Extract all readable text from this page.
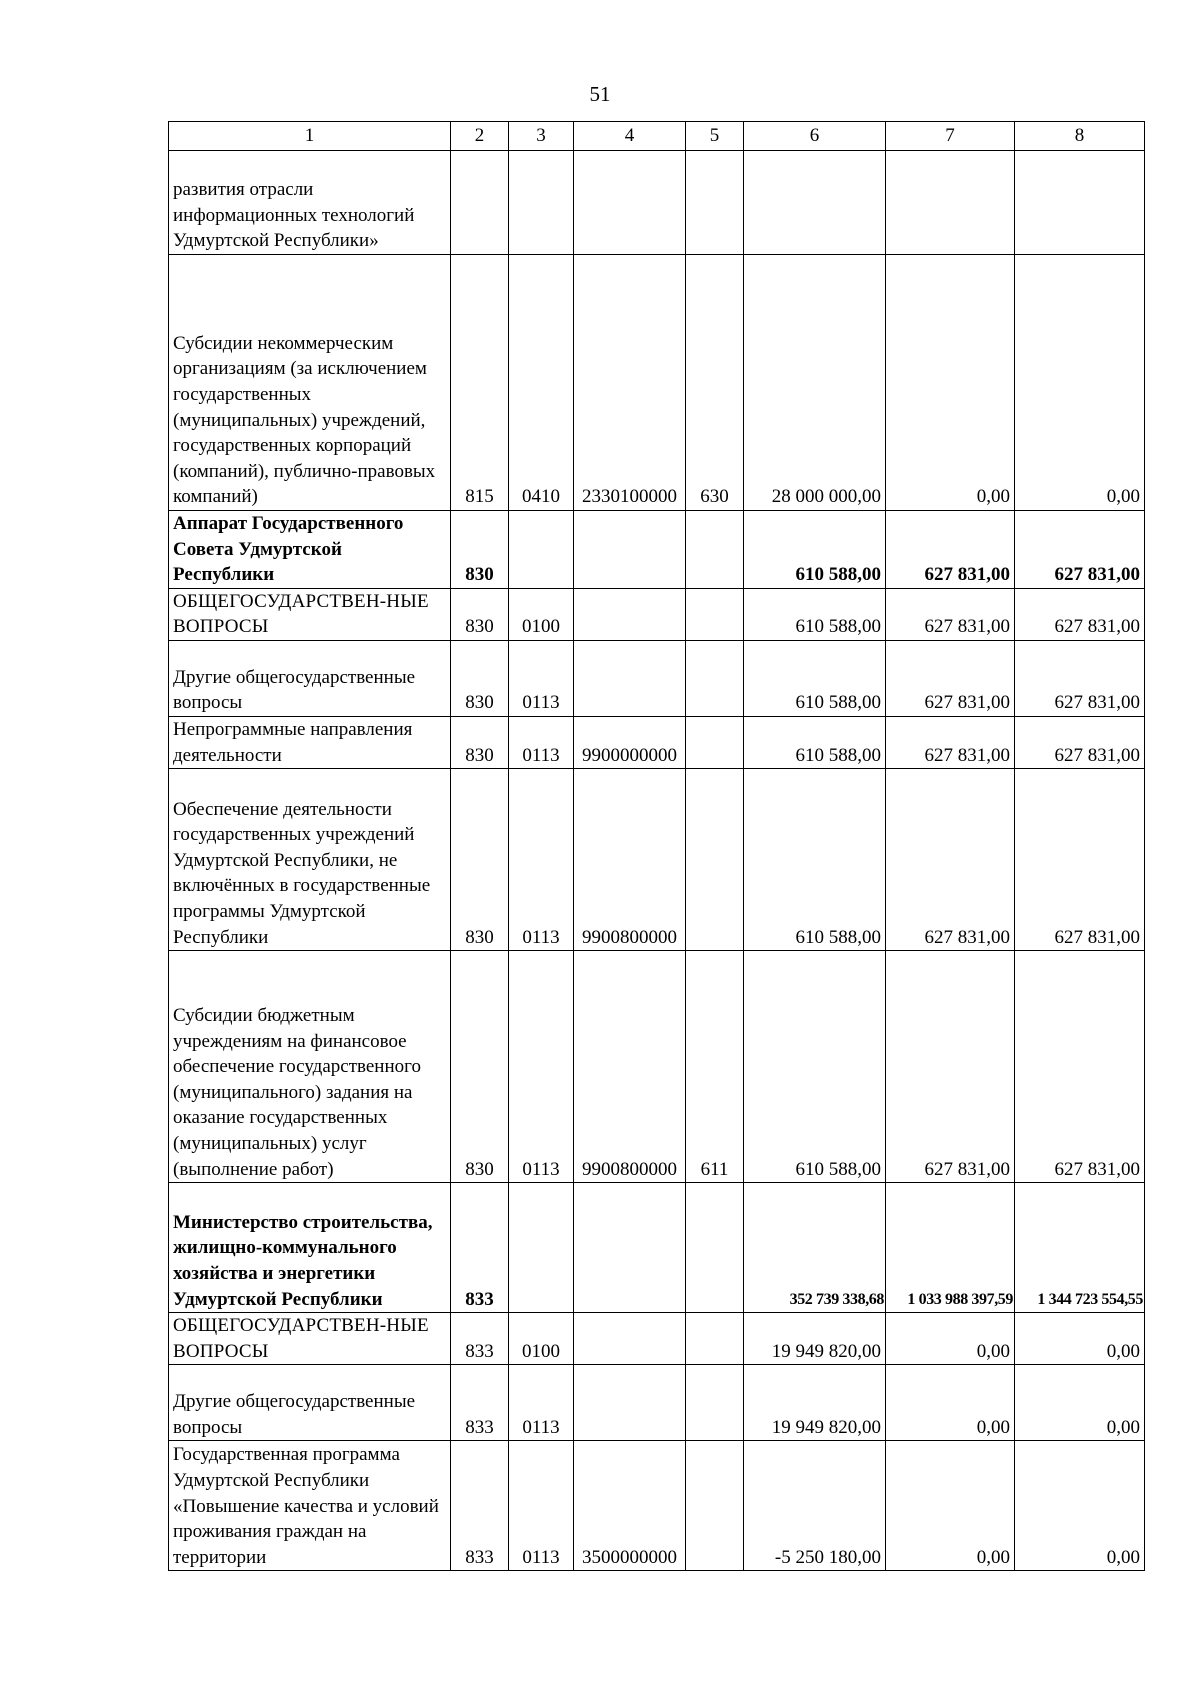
51
1	2	3	4	5	6	7	8
развития отрасли информационных технологий Удмуртской Республики»							
Субсидии некоммерческим организациям (за исключением государственных (муниципальных) учреждений, государственных корпораций (компаний), публично-правовых компаний)	815	0410	2330100000	630	28 000 000,00	0,00	0,00
Аппарат Государственного Совета Удмуртской Республики	830				610 588,00	627 831,00	627 831,00
ОБЩЕГОСУДАРСТВЕН-НЫЕ ВОПРОСЫ	830	0100			610 588,00	627 831,00	627 831,00
Другие общегосударственные вопросы	830	0113			610 588,00	627 831,00	627 831,00
Непрограммные направления деятельности	830	0113	9900000000		610 588,00	627 831,00	627 831,00
Обеспечение деятельности государственных учреждений Удмуртской Республики, не включённых в государственные программы Удмуртской Республики	830	0113	9900800000		610 588,00	627 831,00	627 831,00
Субсидии бюджетным учреждениям на финансовое обеспечение государственного (муниципального) задания на оказание государственных (муниципальных) услуг (выполнение работ)	830	0113	9900800000	611	610 588,00	627 831,00	627 831,00
Министерство строительства, жилищно-коммунального хозяйства и энергетики Удмуртской Республики	833				352 739 338,68	1 033 988 397,59	1 344 723 554,55
ОБЩЕГОСУДАРСТВЕН-НЫЕ ВОПРОСЫ	833	0100			19 949 820,00	0,00	0,00
Другие общегосударственные вопросы	833	0113			19 949 820,00	0,00	0,00
Государственная программа Удмуртской Республики «Повышение качества и условий проживания граждан на территории	833	0113	3500000000		-5 250 180,00	0,00	0,00
